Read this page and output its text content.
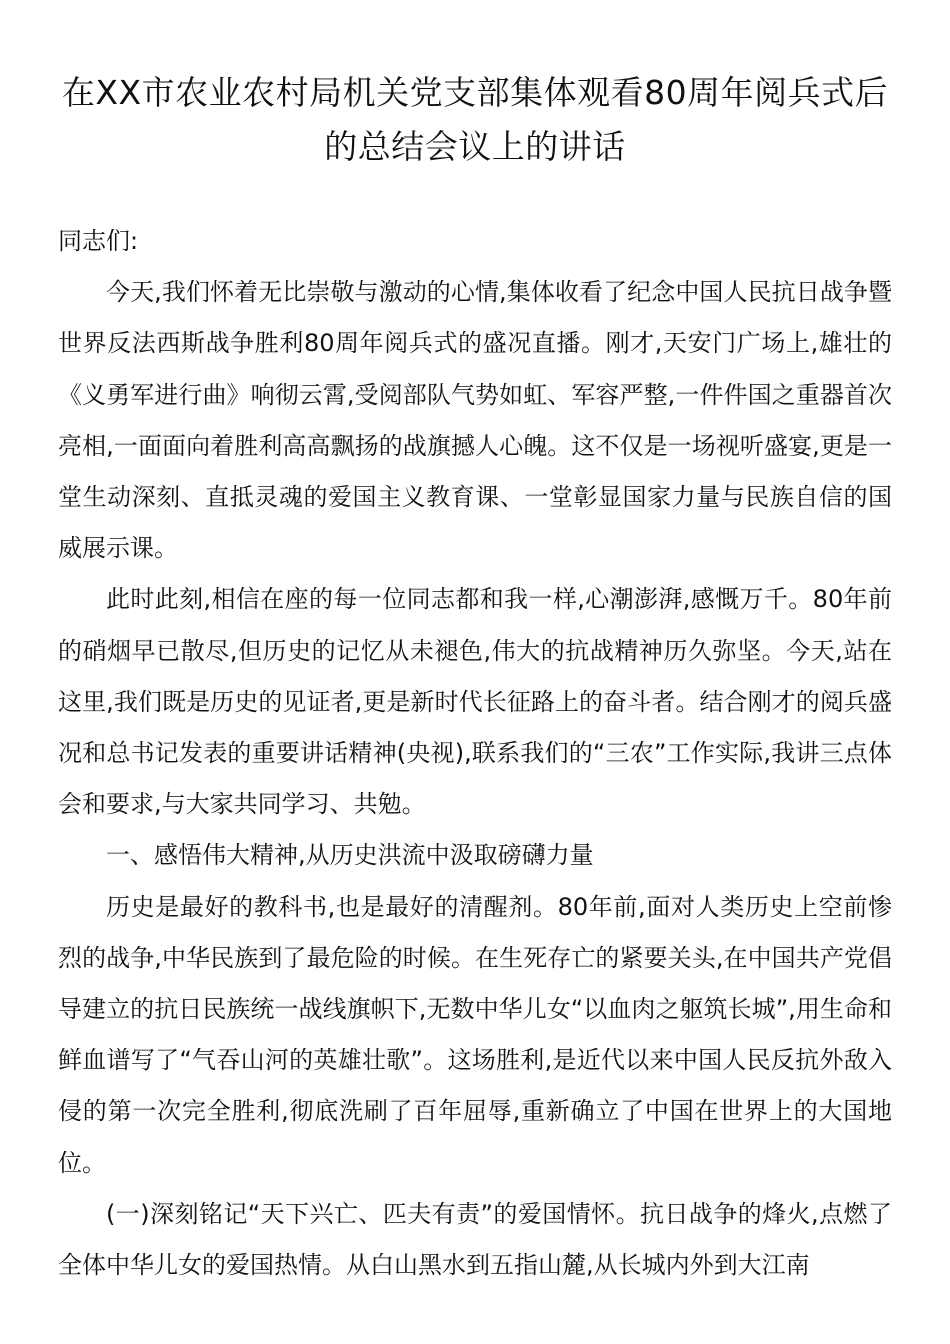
在XX市农业农村局机关党支部集体观看80周年阅兵式后的总结会议上的讲话

同志们:

今天,我们怀着无比崇敬与激动的心情,集体收看了纪念中国人民抗日战争暨世界反法西斯战争胜利80周年阅兵式的盛况直播。刚才,天安门广场上,雄壮的《义勇军进行曲》响彻云霄,受阅部队气势如虹、军容严整,一件件国之重器首次亮相,一面面向着胜利高高飘扬的战旗撼人心魄。这不仅是一场视听盛宴,更是一堂生动深刻、直抵灵魂的爱国主义教育课、一堂彰显国家力量与民族自信的国威展示课。

此时此刻,相信在座的每一位同志都和我一样,心潮澎湃,感慨万千。80年前的硝烟早已散尽,但历史的记忆从未褪色,伟大的抗战精神历久弥坚。今天,站在这里,我们既是历史的见证者,更是新时代长征路上的奋斗者。结合刚才的阅兵盛况和总书记发表的重要讲话精神(央视),联系我们的“三农”工作实际,我讲三点体会和要求,与大家共同学习、共勉。

一、感悟伟大精神,从历史洪流中汲取磅礴力量

历史是最好的教科书,也是最好的清醒剂。80年前,面对人类历史上空前惨烈的战争,中华民族到了最危险的时候。在生死存亡的紧要关头,在中国共产党倡导建立的抗日民族统一战线旗帜下,无数中华儿女“以血肉之躯筑长城”,用生命和鲜血谱写了“气吞山河的英雄壮歌”。这场胜利,是近代以来中国人民反抗外敌入侵的第一次完全胜利,彻底洗刷了百年屈辱,重新确立了中国在世界上的大国地位。

(一)深刻铭记“天下兴亡、匹夫有责”的爱国情怀。抗日战争的烽火,点燃了全体中华儿女的爱国热情。从白山黑水到五指山麓,从长城内外到大江南
